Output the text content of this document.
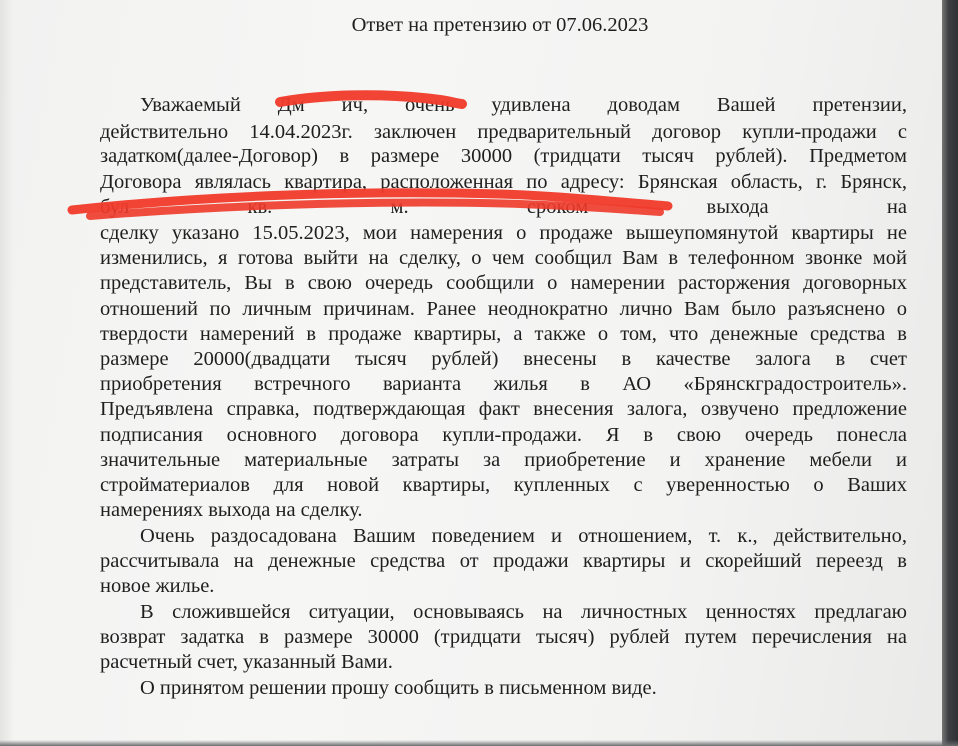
Ответ на претензию от 07.06.2023
Уважаемый Дм ич, очень удивлена доводам Вашей претензии,
действительно 14.04.2023г. заключен предварительный договор купли-продажи с
задатком(далее-Договор) в размере 30000 (тридцати тысяч рублей). Предметом
Договора являлась квартира, расположенная по адресу: Брянская область, г. Брянск,
бул кв. м. сроком выхода на
сделку указано 15.05.2023, мои намерения о продаже вышеупомянутой квартиры не
изменились, я готова выйти на сделку, о чем сообщил Вам в телефонном звонке мой
представитель, Вы в свою очередь сообщили о намерении расторжения договорных
отношений по личным причинам. Ранее неоднократно лично Вам было разъяснено о
твердости намерений в продаже квартиры, а также о том, что денежные средства в
размере 20000(двадцати тысяч рублей) внесены в качестве залога в счет
приобретения встречного варианта жилья в АО «Брянскградостроитель».
Предъявлена справка, подтверждающая факт внесения залога, озвучено предложение
подписания основного договора купли-продажи. Я в свою очередь понесла
значительные материальные затраты за приобретение и хранение мебели и
стройматериалов для новой квартиры, купленных с уверенностью о Ваших
намерениях выхода на сделку.
Очень раздосадована Вашим поведением и отношением, т. к., действительно,
рассчитывала на денежные средства от продажи квартиры и скорейший переезд в
новое жилье.
В сложившейся ситуации, основываясь на личностных ценностях предлагаю
возврат задатка в размере 30000 (тридцати тысяч) рублей путем перечисления на
расчетный счет, указанный Вами.
О принятом решении прошу сообщить в письменном виде.
